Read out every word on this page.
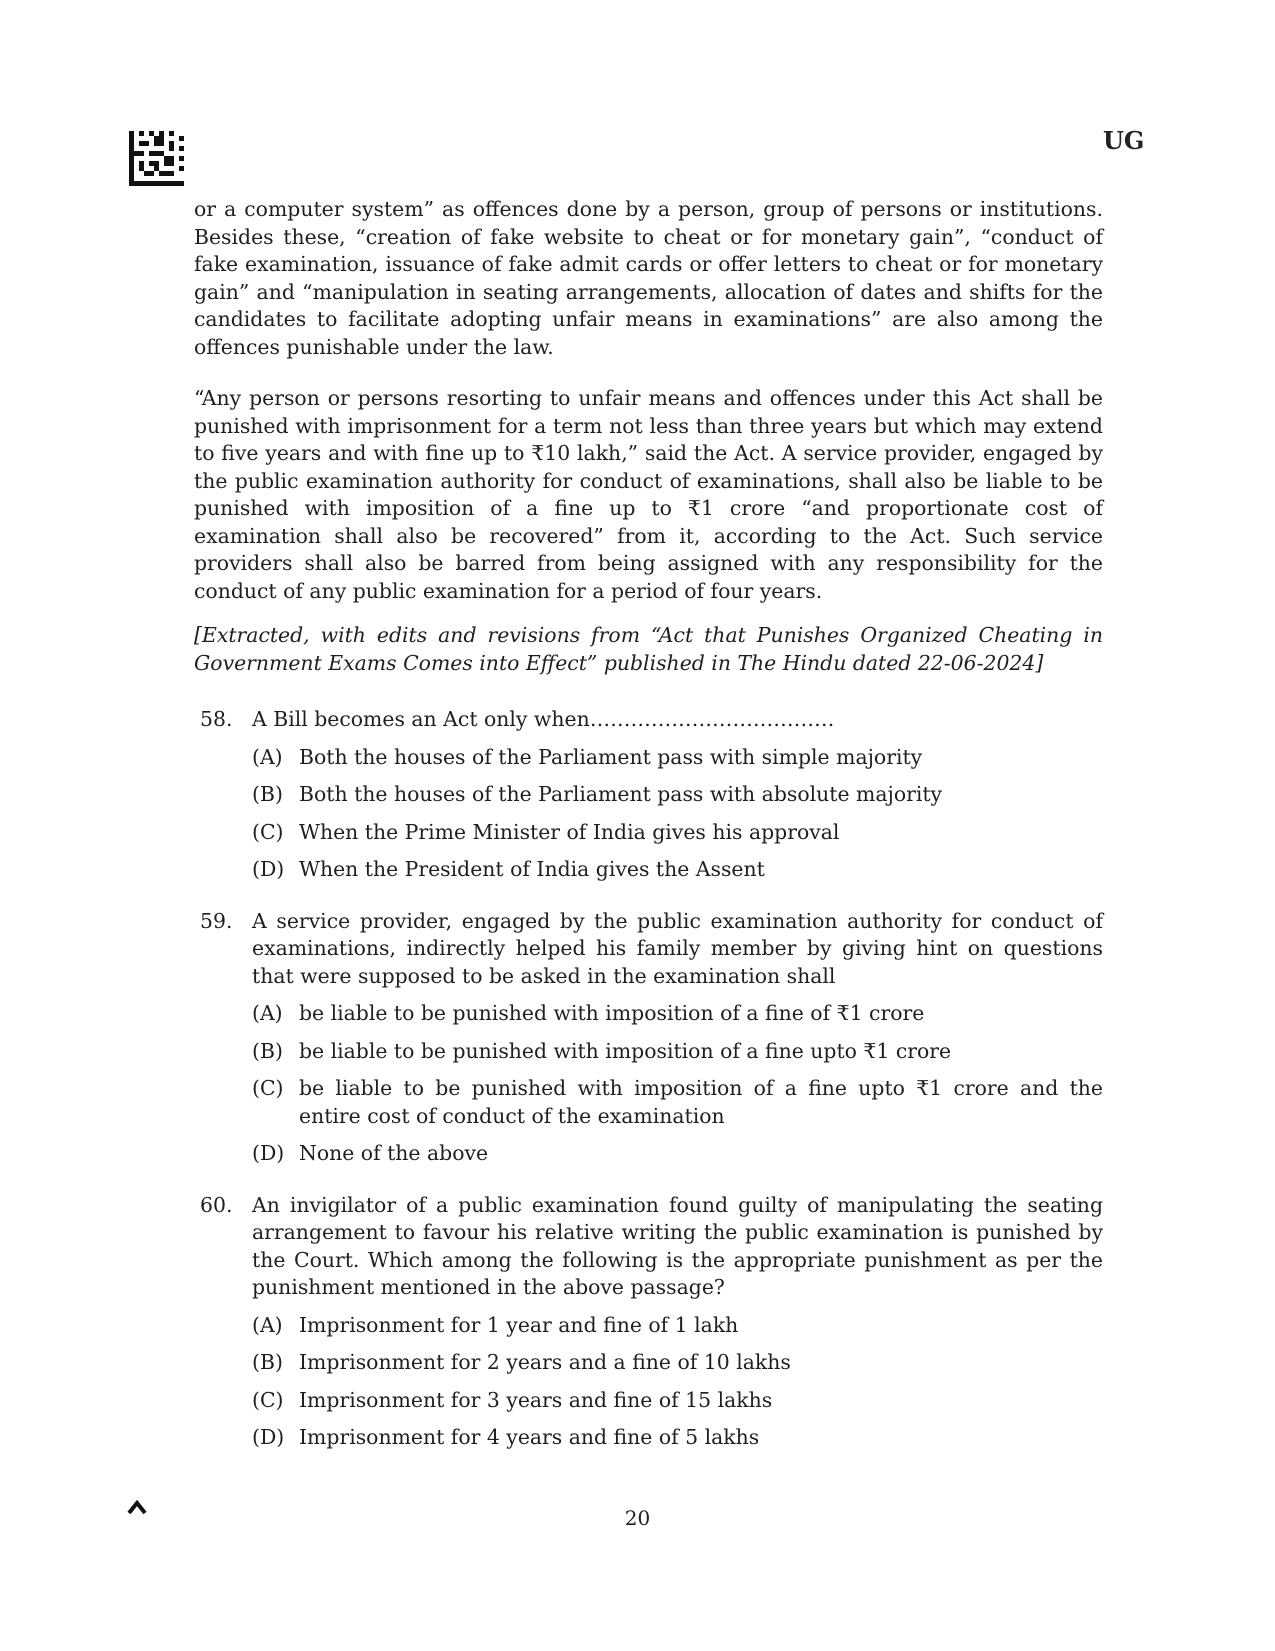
UG

or a computer system” as offences done by a person, group of persons or institutions. Besides these, “creation of fake website to cheat or for monetary gain”, “conduct of fake examination, issuance of fake admit cards or offer letters to cheat or for monetary gain” and “manipulation in seating arrangements, allocation of dates and shifts for the candidates to facilitate adopting unfair means in examinations” are also among the offences punishable under the law.

“Any person or persons resorting to unfair means and offences under this Act shall be punished with imprisonment for a term not less than three years but which may extend to five years and with fine up to ₹10 lakh,” said the Act. A service provider, engaged by the public examination authority for conduct of examinations, shall also be liable to be punished with imposition of a fine up to ₹1 crore “and proportionate cost of examination shall also be recovered” from it, according to the Act. Such service providers shall also be barred from being assigned with any responsibility for the conduct of any public examination for a period of four years.

[Extracted, with edits and revisions from “Act that Punishes Organized Cheating in Government Exams Comes into Effect” published in The Hindu dated 22-06-2024]

58. A Bill becomes an Act only when………………………………
(A) Both the houses of the Parliament pass with simple majority
(B) Both the houses of the Parliament pass with absolute majority
(C) When the Prime Minister of India gives his approval
(D) When the President of India gives the Assent
59. A service provider, engaged by the public examination authority for conduct of examinations, indirectly helped his family member by giving hint on questions that were supposed to be asked in the examination shall
(A) be liable to be punished with imposition of a fine of ₹1 crore
(B) be liable to be punished with imposition of a fine upto ₹1 crore
(C) be liable to be punished with imposition of a fine upto ₹1 crore and the entire cost of conduct of the examination
(D) None of the above
60. An invigilator of a public examination found guilty of manipulating the seating arrangement to favour his relative writing the public examination is punished by the Court. Which among the following is the appropriate punishment as per the punishment mentioned in the above passage?
(A) Imprisonment for 1 year and fine of 1 lakh
(B) Imprisonment for 2 years and a fine of 10 lakhs
(C) Imprisonment for 3 years and fine of 15 lakhs
(D) Imprisonment for 4 years and fine of 5 lakhs
20
